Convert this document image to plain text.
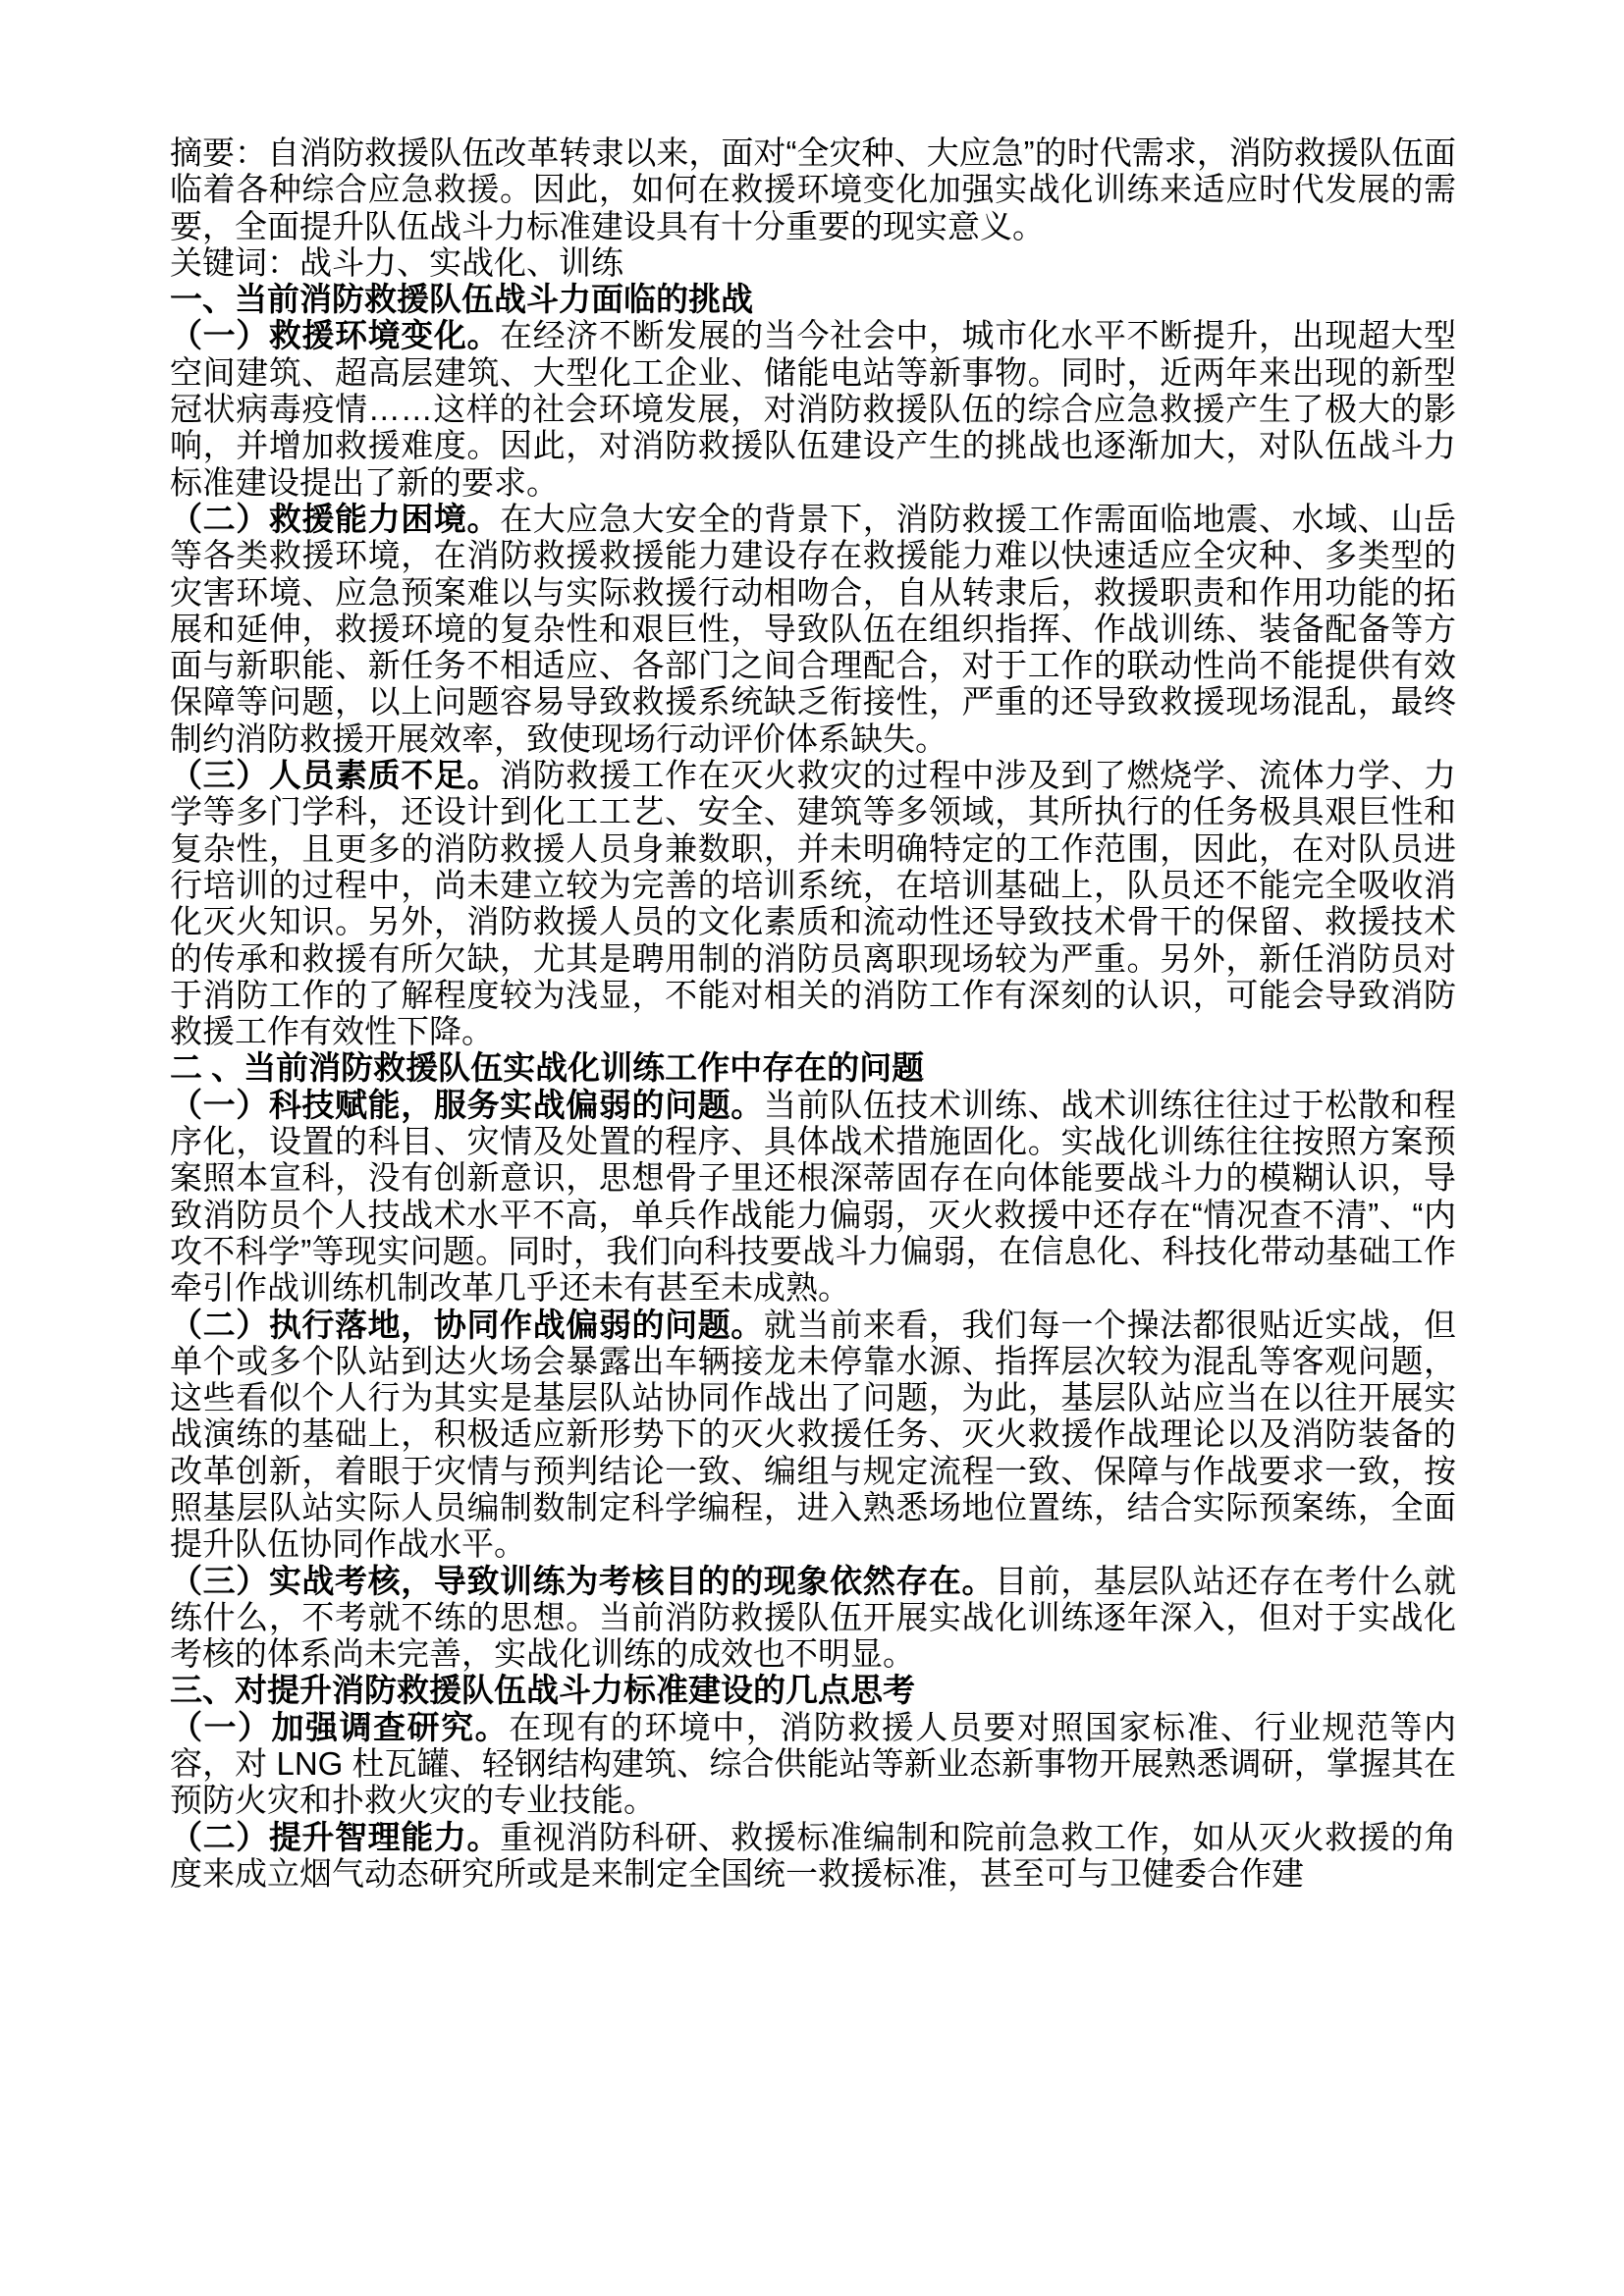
摘要：自消防救援队伍改革转隶以来，面对“全灾种、大应急”的时代需求，消防救援队伍面临着各种综合应急救援。因此，如何在救援环境变化加强实战化训练来适应时代发展的需要，全面提升队伍战斗力标准建设具有十分重要的现实意义。

关键词：战斗力、实战化、训练

一、当前消防救援队伍战斗力面临的挑战

（一）救援环境变化。在经济不断发展的当今社会中，城市化水平不断提升，出现超大型空间建筑、超高层建筑、大型化工企业、储能电站等新事物。同时，近两年来出现的新型冠状病毒疫情……这样的社会环境发展，对消防救援队伍的综合应急救援产生了极大的影响，并增加救援难度。因此，对消防救援队伍建设产生的挑战也逐渐加大，对队伍战斗力标准建设提出了新的要求。

（二）救援能力困境。在大应急大安全的背景下，消防救援工作需面临地震、水域、山岳等各类救援环境，在消防救援救援能力建设存在救援能力难以快速适应全灾种、多类型的灾害环境、应急预案难以与实际救援行动相吻合，自从转隶后，救援职责和作用功能的拓展和延伸，救援环境的复杂性和艰巨性，导致队伍在组织指挥、作战训练、装备配备等方面与新职能、新任务不相适应、各部门之间合理配合，对于工作的联动性尚不能提供有效保障等问题，以上问题容易导致救援系统缺乏衔接性，严重的还导致救援现场混乱，最终制约消防救援开展效率，致使现场行动评价体系缺失。

（三）人员素质不足。消防救援工作在灭火救灾的过程中涉及到了燃烧学、流体力学、力学等多门学科，还设计到化工工艺、安全、建筑等多领域，其所执行的任务极具艰巨性和复杂性，且更多的消防救援人员身兼数职，并未明确特定的工作范围，因此，在对队员进行培训的过程中，尚未建立较为完善的培训系统，在培训基础上，队员还不能完全吸收消化灭火知识。另外，消防救援人员的文化素质和流动性还导致技术骨干的保留、救援技术的传承和救援有所欠缺，尤其是聘用制的消防员离职现场较为严重。另外，新任消防员对于消防工作的了解程度较为浅显，不能对相关的消防工作有深刻的认识，可能会导致消防救援工作有效性下降。

二 、当前消防救援队伍实战化训练工作中存在的问题

（一）科技赋能，服务实战偏弱的问题。当前队伍技术训练、战术训练往往过于松散和程序化，设置的科目、灾情及处置的程序、具体战术措施固化。实战化训练往往按照方案预案照本宣科，没有创新意识，思想骨子里还根深蒂固存在向体能要战斗力的模糊认识，导致消防员个人技战术水平不高，单兵作战能力偏弱，灭火救援中还存在“情况查不清”、“内攻不科学”等现实问题。同时，我们向科技要战斗力偏弱，在信息化、科技化带动基础工作牵引作战训练机制改革几乎还未有甚至未成熟。

（二）执行落地，协同作战偏弱的问题。就当前来看，我们每一个操法都很贴近实战，但单个或多个队站到达火场会暴露出车辆接龙未停靠水源、指挥层次较为混乱等客观问题，这些看似个人行为其实是基层队站协同作战出了问题，为此，基层队站应当在以往开展实战演练的基础上，积极适应新形势下的灭火救援任务、灭火救援作战理论以及消防装备的改革创新，着眼于灾情与预判结论一致、编组与规定流程一致、保障与作战要求一致，按照基层队站实际人员编制数制定科学编程，进入熟悉场地位置练，结合实际预案练，全面提升队伍协同作战水平。

（三）实战考核，导致训练为考核目的的现象依然存在。目前，基层队站还存在考什么就练什么，不考就不练的思想。当前消防救援队伍开展实战化训练逐年深入，但对于实战化考核的体系尚未完善，实战化训练的成效也不明显。

三、对提升消防救援队伍战斗力标准建设的几点思考

（一）加强调查研究。在现有的环境中，消防救援人员要对照国家标准、行业规范等内容，对 LNG 杜瓦罐、轻钢结构建筑、综合供能站等新业态新事物开展熟悉调研，掌握其在预防火灾和扑救火灾的专业技能。

（二）提升智理能力。重视消防科研、救援标准编制和院前急救工作，如从灭火救援的角度来成立烟气动态研究所或是来制定全国统一救援标准，甚至可与卫健委合作建
